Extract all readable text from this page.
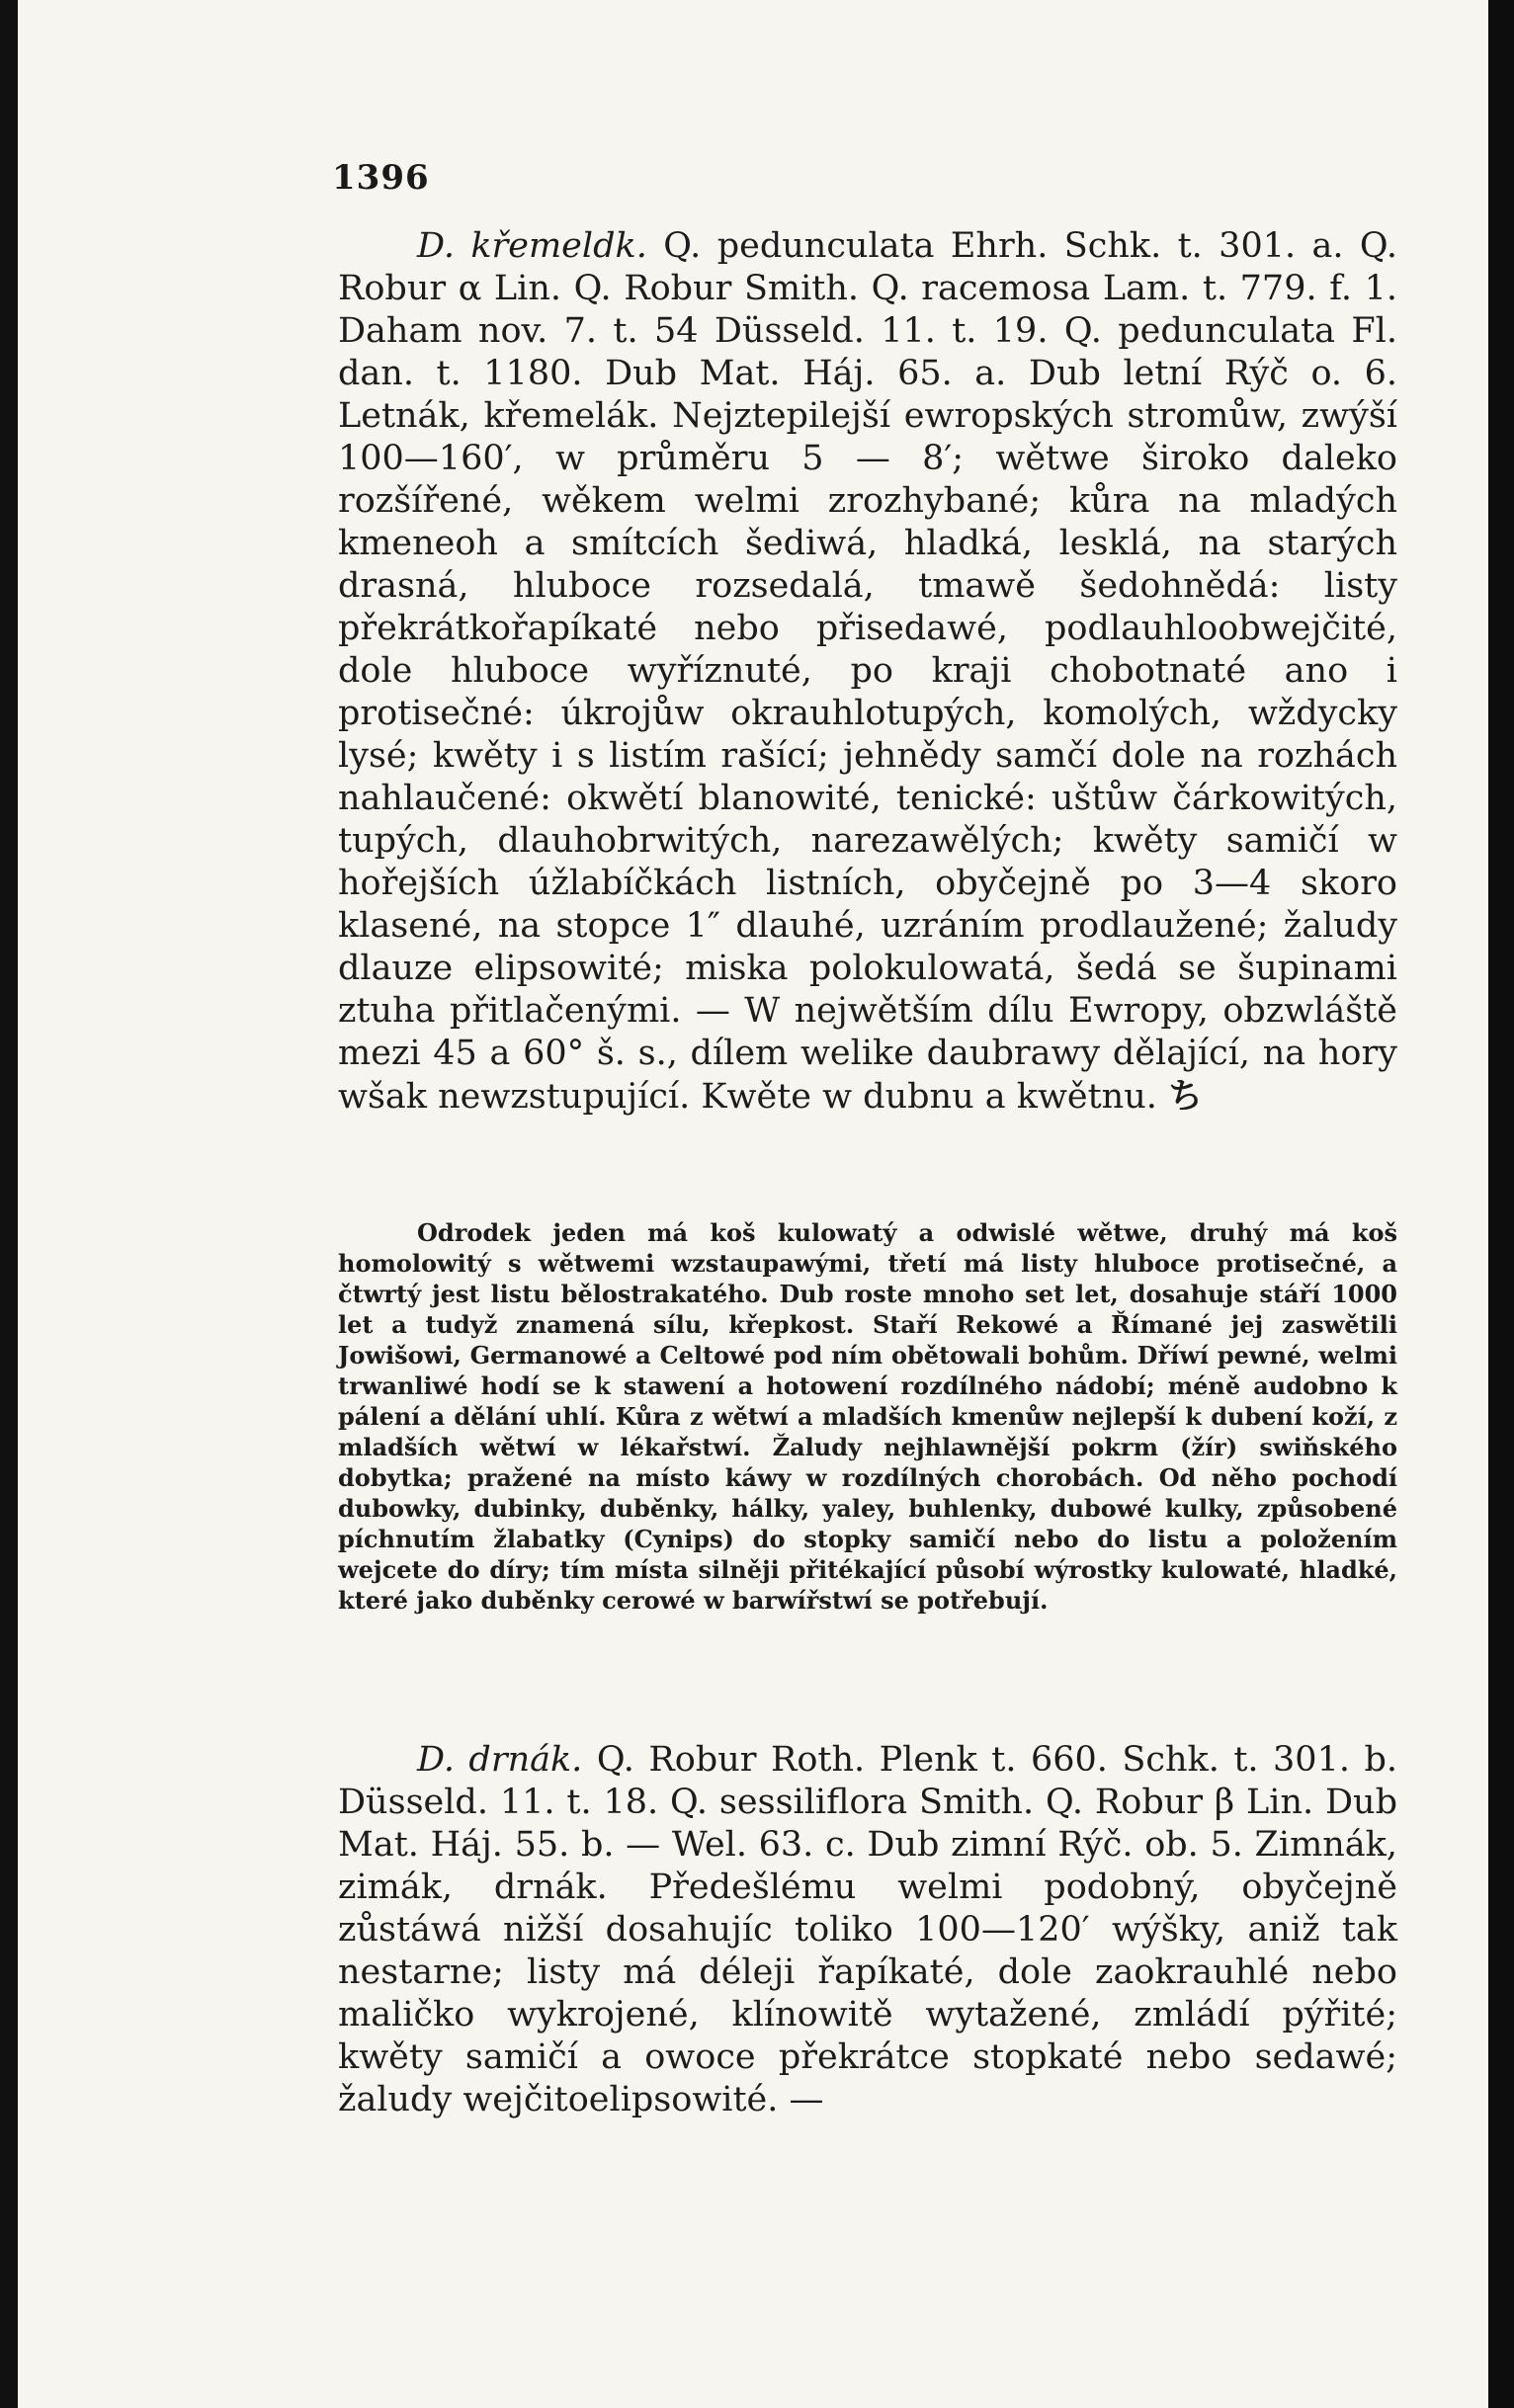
1396

D. křemeldk. Q. pedunculata Ehrh. Schk. t. 301. a. Q. Robur α Lin. Q. Robur Smith. Q. racemosa Lam. t. 779. f. 1. Daham nov. 7. t. 54 Düsseld. 11. t. 19. Q. pedunculata Fl. dan. t. 1180. Dub Mat. Háj. 65. a. Dub letní Rýč o. 6. Letnák, křemelák. Nejztepilejší ewropských stromůw, zwýší 100—160′, w průměru 5 — 8′; wětwe široko daleko rozšířené, wěkem welmi zrozhybané; kůra na mladých kmeneoh a smítcích šediwá, hladká, lesklá, na starých drasná, hluboce rozsedalá, tmawě šedohnědá: listy překrátkořapíkaté nebo přisedawé, podlauhloobwejčité, dole hluboce wyříznuté, po kraji chobotnaté ano i protisečné: úkrojůw okrauhlotupých, komolých, wždycky lysé; kwěty i s listím rašící; jehnědy samčí dole na rozhách nahlaučené: okwětí blanowité, tenické: uštůw čárkowitých, tupých, dlauhobrwitých, narezawělých; kwěty samičí w hořejších úžlabíčkách listních, obyčejně po 3—4 skoro klasené, na stopce 1″ dlauhé, uzráním prodlaužené; žaludy dlauze elipsowité; miska polokulowatá, šedá se šupinami ztuha přitlačenými. — W nejwětším dílu Ewropy, obzwláště mezi 45 a 60° š. s., dílem welike daubrawy dělající, na hory wšak newzstupující. Kwěte w dubnu a kwětnu. ち

Odrodek jeden má koš kulowatý a odwislé wětwe, druhý má koš homolowitý s wětwemi wzstaupawými, třetí má listy hluboce protisečné, a čtwrtý jest listu bělostrakatého. Dub roste mnoho set let, dosahuje stáří 1000 let a tudyž znamená sílu, křepkost. Staří Rekowé a Římané jej zaswětili Jowišowi, Germanowé a Celtowé pod ním obětowali bohům. Dříwí pewné, welmi trwanliwé hodí se k stawení a hotowení rozdílného nádobí; méně audobno k pálení a dělání uhlí. Kůra z wětwí a mladších kmenůw nejlepší k dubení koží, z mladších wětwí w lékařstwí. Žaludy nejhlawnější pokrm (žír) swiňského dobytka; pražené na místo káwy w rozdílných chorobách. Od něho pochodí dubowky, dubinky, duběnky, hálky, yaley, buhlenky, dubowé kulky, způsobené píchnutím žlabatky (Cynips) do stopky samičí nebo do listu a položením wejcete do díry; tím místa silněji přitékající působí wýrostky kulowaté, hladké, které jako duběnky cerowé w barwířstwí se potřebují.

D. drnák. Q. Robur Roth. Plenk t. 660. Schk. t. 301. b. Düsseld. 11. t. 18. Q. sessiliflora Smith. Q. Robur β Lin. Dub Mat. Háj. 55. b. — Wel. 63. c. Dub zimní Rýč. ob. 5. Zimnák, zimák, drnák. Předešlému welmi podobný, obyčejně zůstáwá nižší dosahujíc toliko 100—120′ wýšky, aniž tak nestarne; listy má déleji řapíkaté, dole zaokrauhlé nebo maličko wykrojené, klínowitě wytažené, zmládí pýřité; kwěty samičí a owoce překrátce stopkaté nebo sedawé; žaludy wejčitoelipsowité. —
